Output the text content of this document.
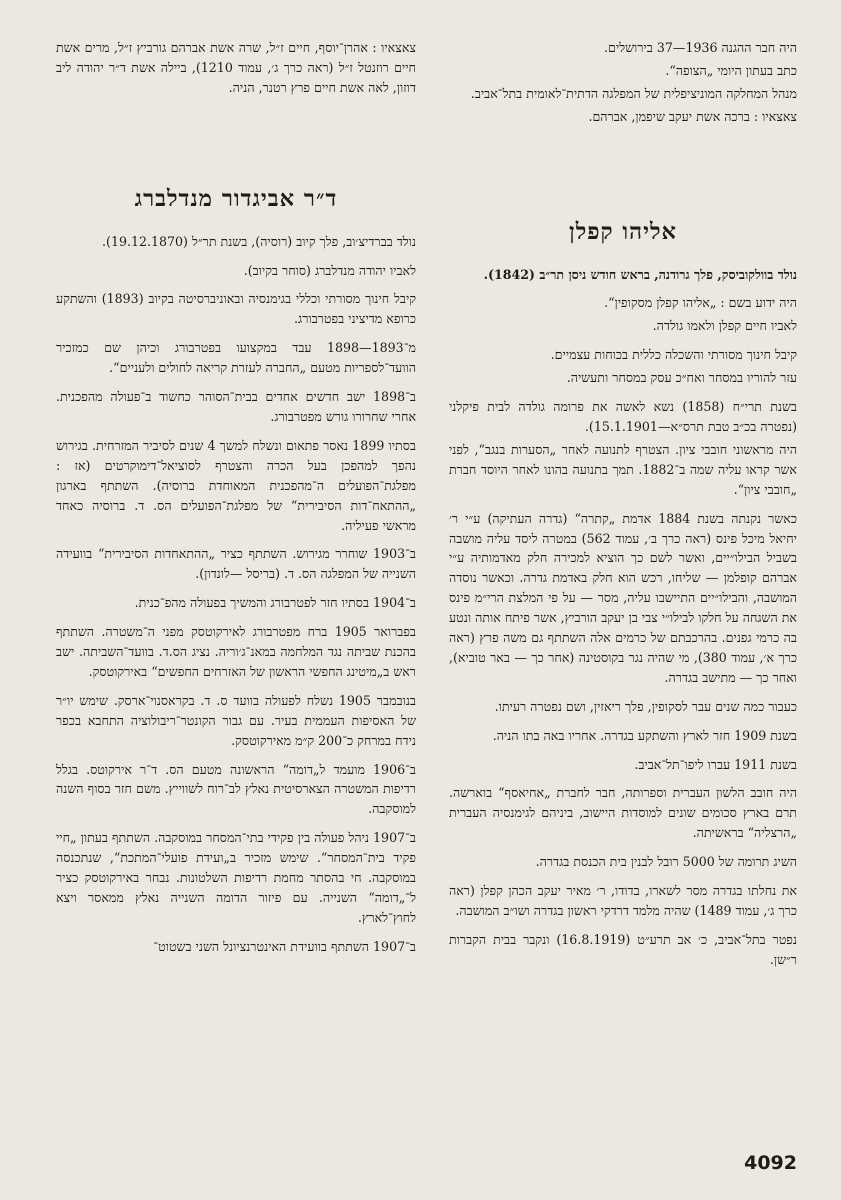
היה חבר ההגנה 1936—37 בירושלים.

כתב בעתון היומי „הצופה“.

מנהל המחלקה המוניציפלית של המפלגה הדתית־לאומית בתל־אביב.

צאצאיו : ברכה אשת יעקב שיפמן, אברהם.

אליהו קפלן

נולד בוולקוביסק, פלך גרודנה, בראש חודש ניסן תר״ב (1842).

היה ידוע בשם : „אליהו קפלן מסקופין“.

לאביו חיים קפלן ולאמו גולדה.

קיבל חינוך מסורתי והשכלה כללית בכוחות עצמיים.

עזר להוריו במסחר ואח״כ עסק במסחר ותעשיה.

בשנת תרי״ח (1858) נשא לאשה את פרומה גולדה לבית פיקלני (נפטרה בכ״ב טבת תרס״א—15.1.1901).

היה מראשוני חובבי ציון. הצטרף לתנועה לאחר „הסערות בנגב“, לפני אשר קראו עליה שמה ב־1882. תמך בתנועה בהונו לאחר היוסד חברת „חובבי ציון“.

כאשר נקנתה בשנת 1884 אדמת „קתרה“ (גדרה העתיקה) ע״י ר׳ יחיאל מיכל פינס (ראה כרך ב׳, עמוד 562) במטרה ליסד עליה מושבה בשביל הבילו״יים, ואשר לשם כך הוציא למכירה חלק מאדמותיה ע״י אברהם קופלמן — שליחו, רכש הוא חלק באדמת גדרה. וכאשר נוסדה המושבה, והבילו״יים התיישבו עליה, מסר — על פי המלצת הרי״מ פינס את השגחה על חלקו לבילו״י צבי בן יעקב הורביץ, אשר פיתח אותה ונטע בה כרמי גפנים. בהרכבתם של כרמים אלה השתתף גם משה פרץ (ראה כרך א׳, עמוד 380), מי שהיה נגר בקוסטינה (אחר כך — באר טוביא), ואחר כך — מתישב בגדרה.

כעבור כמה שנים עבר לסקופין, פלך ריאזין, ושם נפטרה רעיתו.

בשנת 1909 חזר לארץ והשתקע בגדרה. אחריו באה בתו הניה.

בשנת 1911 עברו ליפו־תל־אביב.

היה חובב הלשון העברית וספרותה, חבר לחברת „אחיאסף“ בוארשה. תרם בארץ סכומים שונים למוסדות היישוב, ביניהם לגימנסיה העברית „הרצליה“ בראשיתה.

השיג תרומה של 5000 רובל לבנין בית הכנסת בגדרה.

את נחלתו בגדרה מסר לשארו, בדודו, ר׳ מאיר יעקב הכהן קפלן (ראה כרך ג׳, עמוד 1489) שהיה מלמד דרדקי ראשון בגדרה ושו״ב המושבה.

נפטר בתל־אביב, כ׳ אב תרע״ט (16.8.1919) ונקבר בבית הקברות ר״שן.

צאצאיו : אהרן־יוסף, חיים ז״ל, שרה אשת אברהם גורביץ ז״ל, מרים אשת חיים רוזנטל ז״ל (ראה כרך ג׳, עמוד 1210), ביילה אשת ד״ר יהודה ליב דוזון, לאה אשת חיים פרץ רטנר, הניה.

ד״ר אביגדור מנדלברג

נולד בברדיצ׳וב, פלך קיוב (רוסיה), בשנת תר״ל (19.12.1870).

לאביו יהודה מנדלברג (סוחר בקיוב).

קיבל חינוך מסורתי וכללי בגימנסיה ובאוניברסיטה בקיוב (1893) והשתקע כרופא מדיציני בפטרבורג.

מ־1893—1898 עבד במקצועו בפטרבורג וכיהן שם כמזכיר הוועד־לספריות מטעם „החברה לעזרת קריאה לחולים ולעניים“.

ב־1898 ישב חדשים אחדים בבית־הסוהר כחשוד ב־פעולה מהפכנית. אחרי שחרורו גורש מפטרבורג.

בסתיו 1899 נאסר פתאום ונשלח למשך 4 שנים לסיביר המזרחית. בגירוש נהפך למהפכן בעל הכרה והצטרף לסוציאל־דימוקרטים (אז : מפלגת־הפועלים ה־מהפכנית המאוחדת ברוסיה). השתתף בארגון „ההתאח־דות הסיבירית“ של מפלגת־הפועלים הס. ד. ברוסיה כאחד מראשי פעיליה.

ב־1903 שוחרר מגירוש. השתתף כציר „ההתאחדות הסיבירית“ בוועידה השנייה של המפלגה הס. ד. (בריסל —לונדון).

ב־1904 בסתיו חזר לפטרבורג והמשיך בפעולה מהפ־כנית.

בפברואר 1905 ברח מפטרבורג לאירקוטסק מפני ה־משטרה. השתתף בהכנת שביתה נגד המלחמה במאנ־ג׳וריה. נציג הס.ד. בוועד־השביתה. ישב ראש ב„מיטינג החפשי הראשון של האזרחים החפשים“ באירקוטסק.

בנובמבר 1905 נשלח לפעולה בוועד ס. ד. בקראסנוי־ארסק. שימש יו״ר של האסיפות העממית בעיר. עם גבור הקונטר־ריבולוציה התחבא בכפר נידח במרחק כ־200 ק״מ מאירקוטסק.

ב־1906 מועמד ל„דומה“ הראשונה מטעם הס. ד־ר אירקוטס. בגלל רדיפות המשטרה הצארסיטית נאלץ לב־רוח לשווייץ. משם חזר בסוף השנה למוסקבה.

ב־1907 ניהל פעולה בין פקידי בתי־המסחר במוסקבה. השתתף בעתון „חיי פקיד בית־המסחר“. שימש מזכיר ב„ועידת פועלי־המתכת“, שנתכנסה במוסקבה. חי בהסתר מחמת רדיפות השלטונות. נבחר באירקוטסק כציר ל־„דומה“ השנייה. עם פיזור הדומה השנייה נאלץ ממאסר ויצא לחוץ־לארץ.

ב־1907 השתתף בוועידת האינטרנציונל השני בשטוט־

4092
